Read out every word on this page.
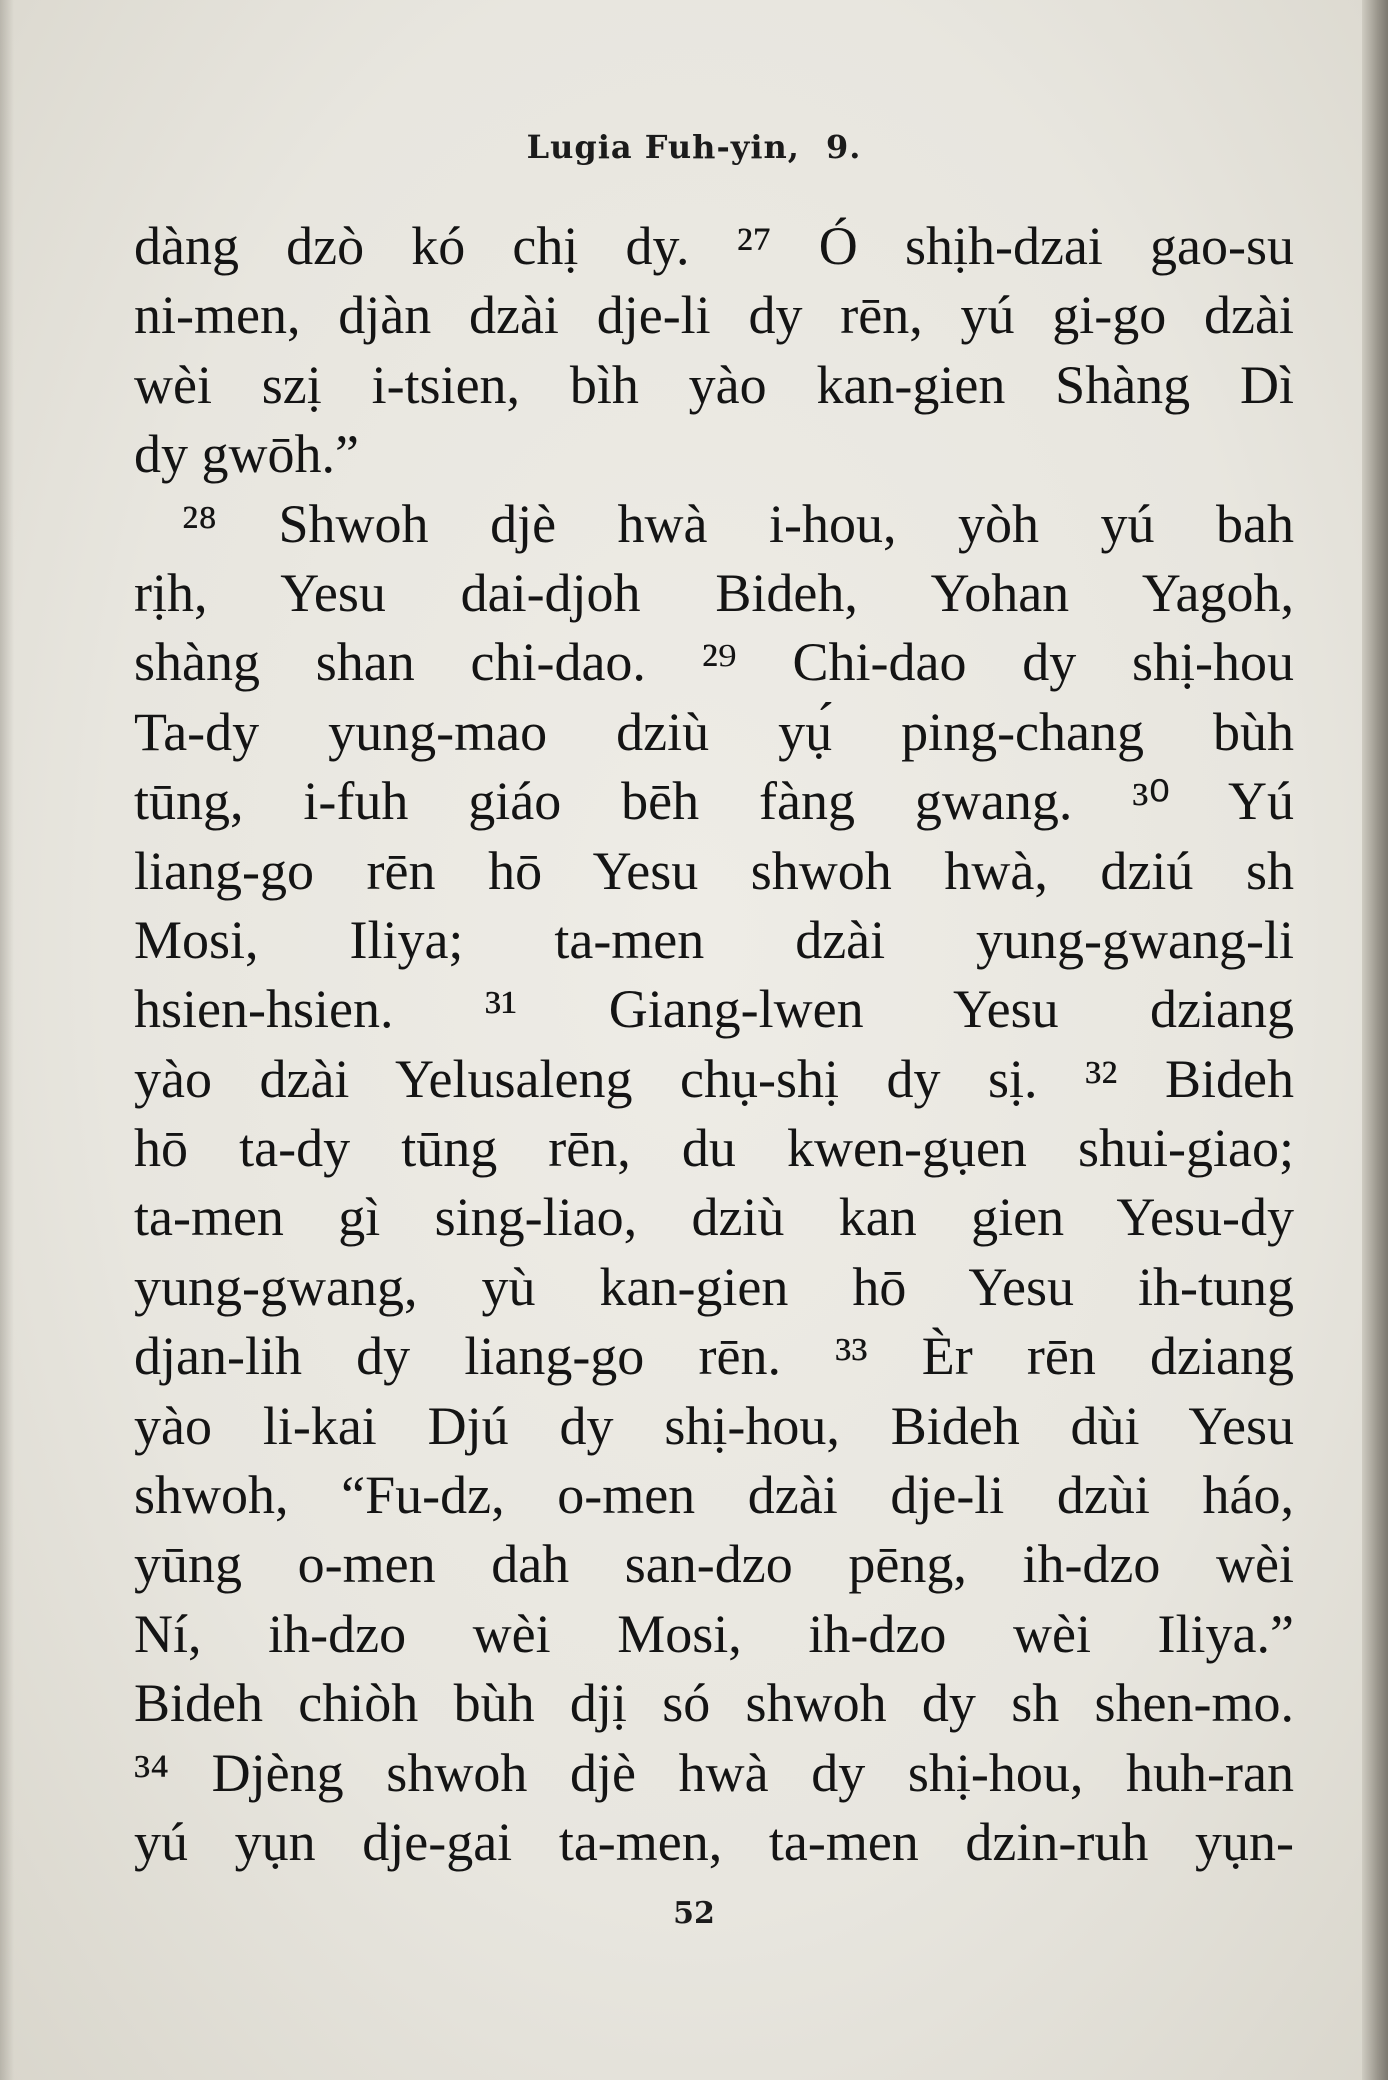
Lugia Fuh-yin, 9.
dàng dzò kó chị dy. ²⁷ Ó shịh-dzai gao-su
ni-men, djàn dzài dje-li dy rēn, yú gi-go dzài
wèi szị i-tsien, bìh yào kan-gien Shàng Dì
dy gwōh.”
²⁸ Shwoh djè hwà i-hou, yòh yú bah
rịh, Yesu dai-djoh Bideh, Yohan Yagoh,
shàng shan chi-dao. ²⁹ Chi-dao dy shị-hou
Ta-dy yung-mao dziù yụ́ ping-chang bùh
tūng, i-fuh giáo bēh fàng gwang. ³⁰ Yú
liang-go rēn hō Yesu shwoh hwà, dziú sh
Mosi, Iliya; ta-men dzài yung-gwang-li
hsien-hsien. ³¹ Giang-lwen Yesu dziang
yào dzài Yelusaleng chụ-shị dy sị. ³² Bideh
hō ta-dy tūng rēn, du kwen-gụen shui-giao;
ta-men gì sing-liao, dziù kan gien Yesu-dy
yung-gwang, yù kan-gien hō Yesu ih-tung
djan-lih dy liang-go rēn. ³³ Èr rēn dziang
yào li-kai Djú dy shị-hou, Bideh dùi Yesu
shwoh, “Fu-dz, o-men dzài dje-li dzùi háo,
yūng o-men dah san-dzo pēng, ih-dzo wèi
Ní, ih-dzo wèi Mosi, ih-dzo wèi Iliya.”
Bideh chiòh bùh djị só shwoh dy sh shen-mo.
³⁴ Djèng shwoh djè hwà dy shị-hou, huh-ran
yú yụn dje-gai ta-men, ta-men dzin-ruh yụn-
52
